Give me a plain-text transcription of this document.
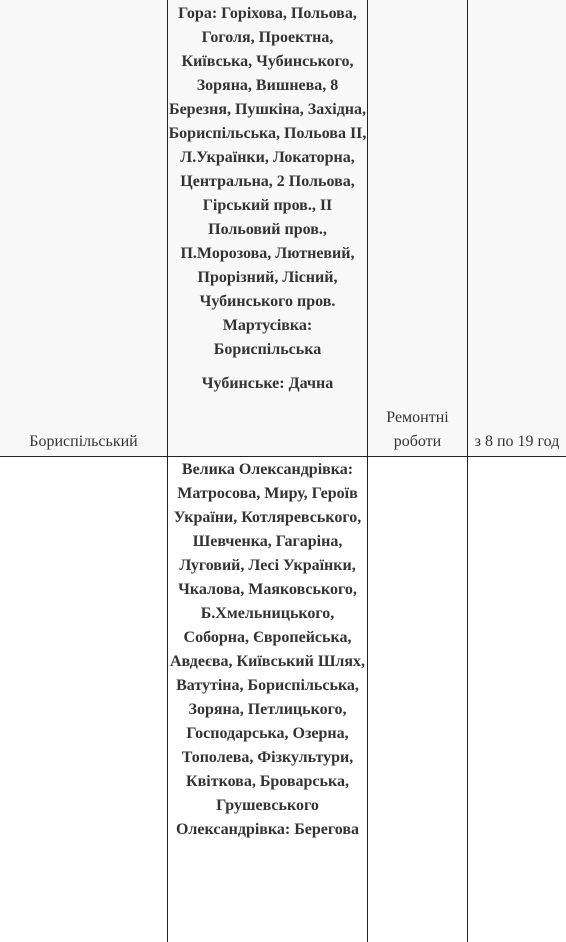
Бориспільський

Гора: Горіхова, Польова, Гоголя, Проектна, Київська, Чубинського, Зоряна, Вишнева, 8 Березня, Пушкіна, Західна, Бориспільська, Польова II, Л.Українки, Локаторна, Центральна, 2 Польова, Гірський пров., II Польовий пров., П.Морозова, Лютневий, Прорізний, Лісний, Чубинського пров. Мартусівка: Бориспільська

Чубинське: Дачна

Ремонтні роботи	з 8 по 19 год

Велика Олександрівка: Матросова, Миру, Героїв України, Котляревського, Шевченка, Гагаріна, Луговий, Лесі Українки, Чкалова, Маяковського, Б.Хмельницького, Соборна, Європейська, Авдеєва, Київський Шлях, Ватутіна, Бориспільська, Зоряна, Петлицького, Господарська, Озерна, Тополева, Фізкультури, Квіткова, Броварська, Грушевського Олександрівка: Берегова
